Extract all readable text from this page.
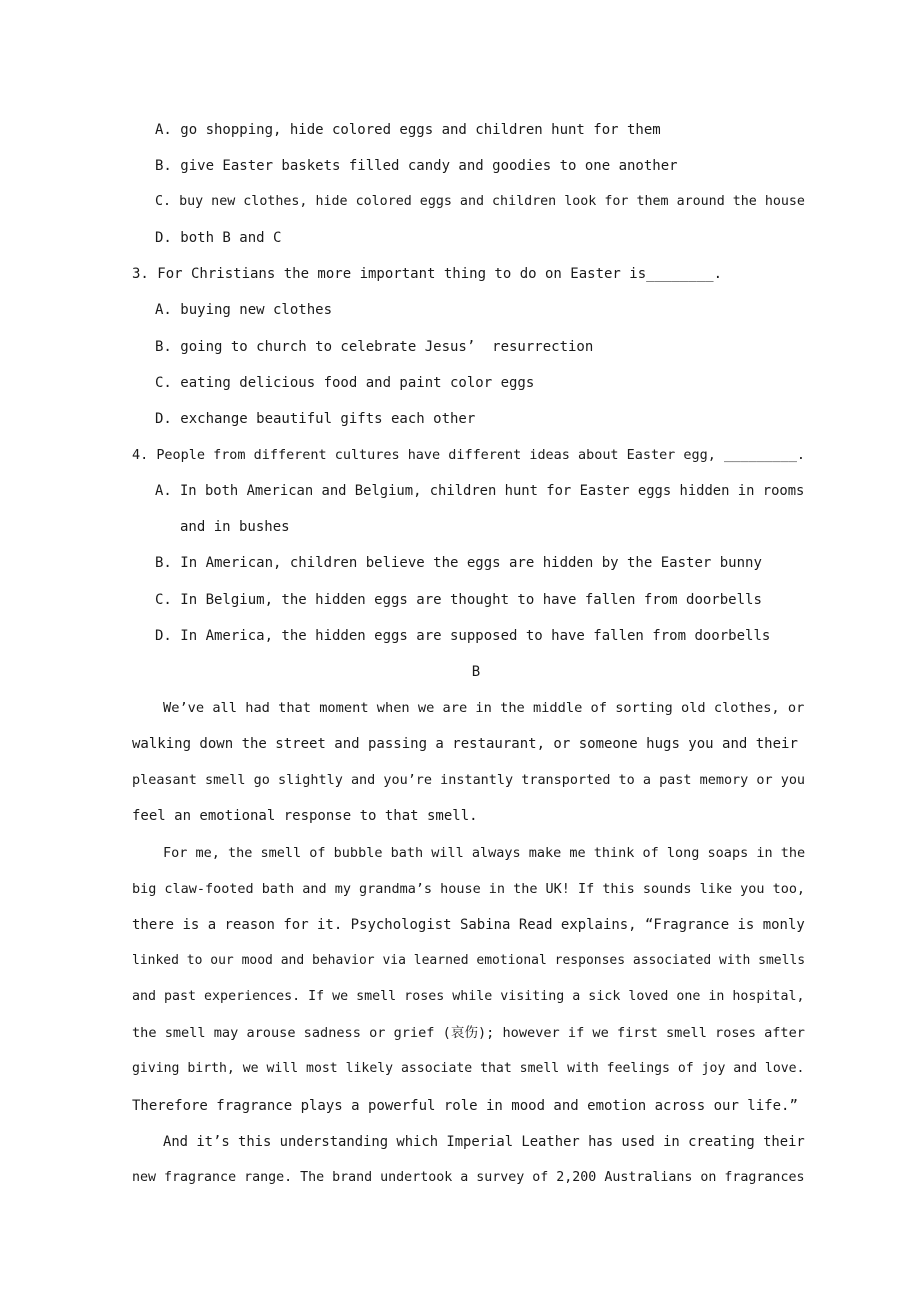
A. go shopping, hide colored eggs and children hunt for them
B. give Easter baskets filled candy and goodies to one another
C. buy new clothes, hide colored eggs and children look for them around the house
D. both B and C
3. For Christians the more important thing to do on Easter is________.
A. buying new clothes
B. going to church to celebrate Jesus’  resurrection
C. eating delicious food and paint color eggs
D. exchange beautiful gifts each other
4. People from different cultures have different ideas about Easter egg, _________.
A. In both American and Belgium, children hunt for Easter eggs hidden in rooms
and in bushes
B. In American, children believe the eggs are hidden by the Easter bunny
C. In Belgium, the hidden eggs are thought to have fallen from doorbells
D. In America, the hidden eggs are supposed to have fallen from doorbells
B
We’ve all had that moment when we are in the middle of sorting old clothes, or
walking down the street and passing a restaurant, or someone hugs you and their
pleasant smell go slightly and you’re instantly transported to a past memory or you
feel an emotional response to that smell.
For me, the smell of bubble bath will always make me think of long soaps in the
big claw-footed bath and my grandma’s house in the UK! If this sounds like you too,
there is a reason for it. Psychologist Sabina Read explains, “Fragrance is monly
linked to our mood and behavior via learned emotional responses associated with smells
and past experiences. If we smell roses while visiting a sick loved one in hospital,
the smell may arouse sadness or grief (哀伤); however if we first smell roses after
giving birth, we will most likely associate that smell with feelings of joy and love.
Therefore fragrance plays a powerful role in mood and emotion across our life.”
And it’s this understanding which Imperial Leather has used in creating their
new fragrance range. The brand undertook a survey of 2,200 Australians on fragrances
